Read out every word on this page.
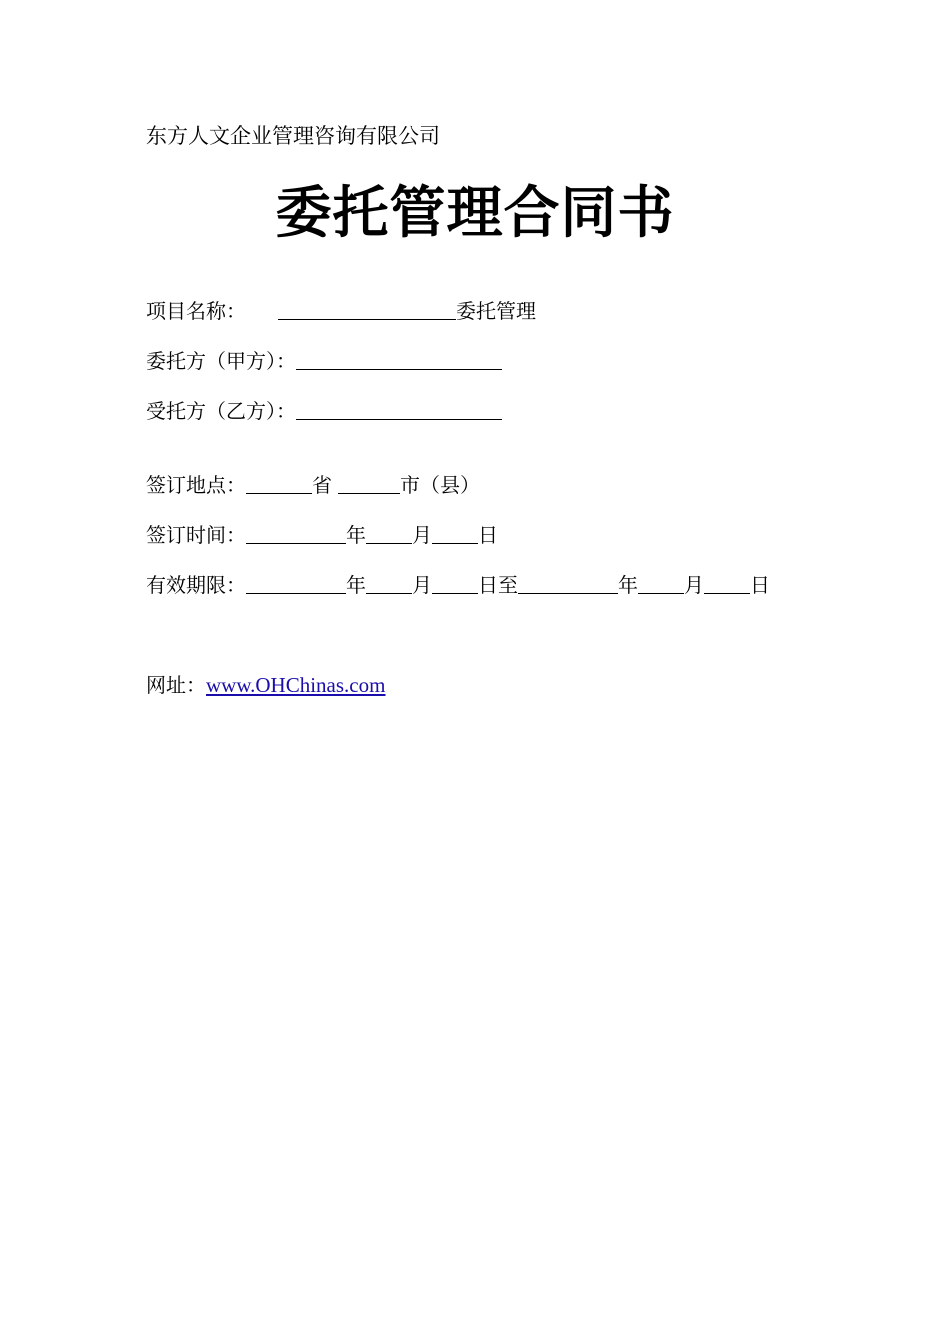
东方人文企业管理咨询有限公司
委托管理合同书
项目名称：	委托管理
委托方（甲方）：
受托方（乙方）：
签订地点：	省	市（县）
签订时间：	年 月 日
有效期限：	年 月 日至	年 月 日
网址：www.OHChinas.com
